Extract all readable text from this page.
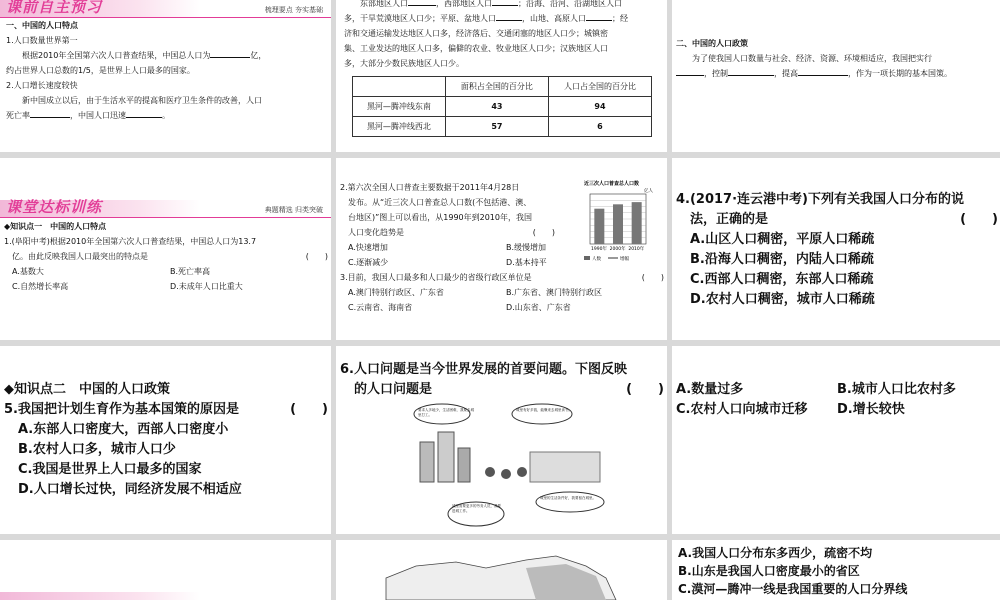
课前自主预习	梳理要点 夯实基础
一、中国的人口特点
1.人口数量世界第一
根据2010年全国第六次人口普查结果，中国总人口为	亿，
约占世界人口总数的1/5，是世界上人口最多的国家。
2.人口增长速度较快
新中国成立以后，由于生活水平的提高和医疗卫生条件的改善，人口
死亡率	，中国人口迅速	。
东部地区人口	，西部地区人口	；沿海、沿河、沿湖地区人口
多，干旱荒漠地区人口少；平原、盆地人口	，山地、高原人口	；经
济和交通运输发达地区人口多，经济落后、交通闭塞的地区人口少；城镇密
集、工业发达的地区人口多，偏僻的农业、牧业地区人口少；汉族地区人口
多，大部分少数民族地区人口少。
	面积占全国的百分比	人口占全国的百分比
黑河—腾冲线东南	43	94
黑河—腾冲线西北	57	6
二、中国的人口政策
为了使我国人口数量与社会、经济、资源、环境相适应，我国把实行
，控制	，提高	，作为一项长期的基本国策。
课堂达标训练	典题精选 归类突破
◆知识点一　中国的人口特点
1.(阜阳中考)根据2010年全国第六次人口普查结果，中国总人口为13.7
亿。由此反映我国人口最突出的特点是	(　　)
A.基数大	B.死亡率高
C.自然增长率高	D.未成年人口比重大
2.第六次全国人口普查主要数据于2011年4月28日
发布。从“近三次人口普查总人口数(不包括港、澳、
台地区)”图上可以看出，从1990年到2010年，我国
人口变化趋势是	(　　)
A.快速增加	B.缓慢增加
C.逐渐减少	D.基本持平
3.目前，我国人口最多和人口最少的省级行政区单位是	(　　)
A.澳门特别行政区、广东省	B.广东省、澳门特别行政区
C.云南省、海南省	D.山东省、广东省
近三次人口普查总人口数
亿人
1990年 2000年 2010年
人数	增幅
4.(2017·连云港中考)下列有关我国人口分布的说
法，正确的是	(　　)
A.山区人口稠密，平原人口稀疏
B.沿海人口稠密，内陆人口稀疏
C.西部人口稠密，东部人口稀疏
D.农村人口稠密，城市人口稀疏
◆知识点二　中国的人口政策
5.我国把计划生育作为基本国策的原因是	(　　)
A.东部人口密度大，西部人口密度小
B.农村人口多，城市人口少
C.我国是世界上人口最多的国家
D.人口增长过快，同经济发展不相适应
6.人口问题是当今世界发展的首要问题。下图反映
的人口问题是	(　　)
要求人多地少，生活困难，我要去城里打工。
城里有好多钱，能赚来去城里读书。
城里的生活条件好，我要留在城里。
城里需要更多的劳务人员，我要进城工作。
A.数量过多	B.城市人口比农村多
C.农村人口向城市迁移	D.增长较快
A.我国人口分布东多西少，疏密不均
B.山东是我国人口密度最小的省区
C.漠河—腾冲一线是我国重要的人口分界线
